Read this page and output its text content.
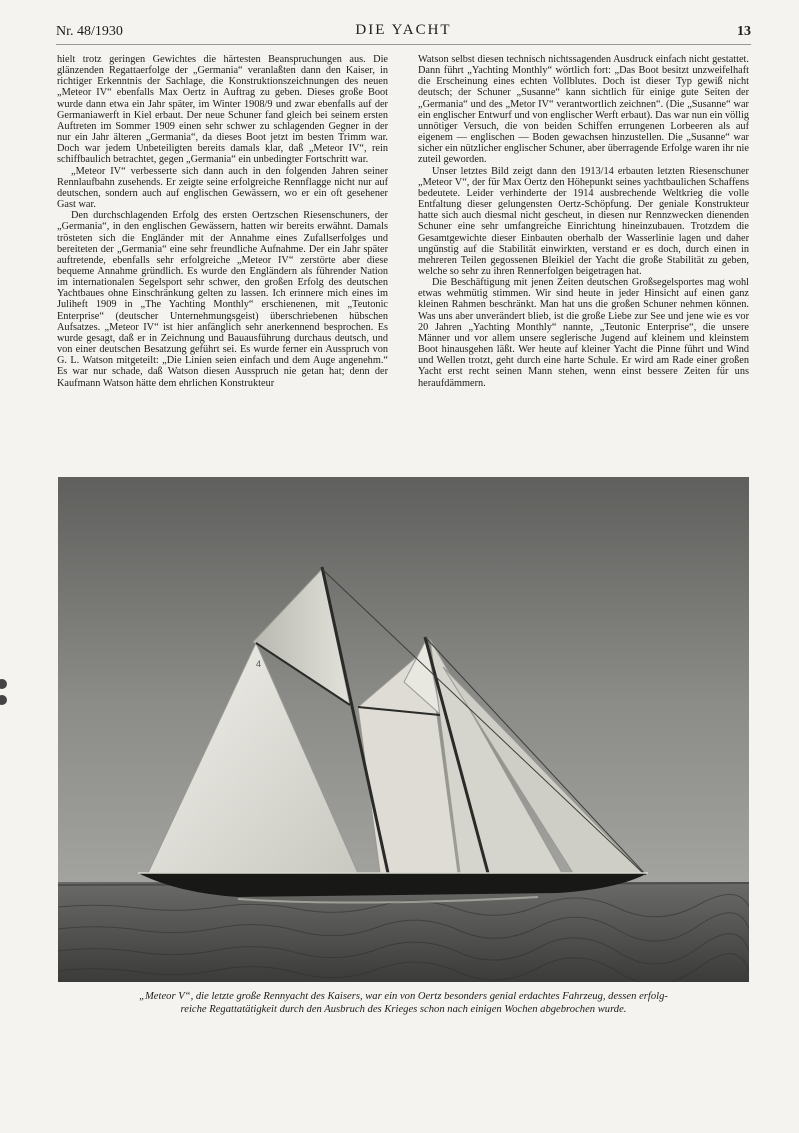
Nr. 48/1930	DIE YACHT	13

hielt trotz geringen Gewichtes die härtesten Beanspruchungen aus. Die glänzenden Regattaerfolge der „Germania“ veranlaßten dann den Kaiser, in richtiger Erkenntnis der Sachlage, die Konstruktionszeichnungen des neuen „Meteor IV“ ebenfalls Max Oertz in Auftrag zu geben. Dieses große Boot wurde dann etwa ein Jahr später, im Winter 1908/9 und zwar ebenfalls auf der Germaniawerft in Kiel erbaut. Der neue Schuner fand gleich bei seinem ersten Auftreten im Sommer 1909 einen sehr schwer zu schlagenden Gegner in der nur ein Jahr älteren „Germania“, da dieses Boot jetzt im besten Trimm war. Doch war jedem Unbeteiligten bereits damals klar, daß „Meteor IV“, rein schiffbaulich betrachtet, gegen „Germania“ ein unbedingter Fortschritt war.

„Meteor IV“ verbesserte sich dann auch in den folgenden Jahren seiner Rennlaufbahn zusehends. Er zeigte seine erfolgreiche Rennflagge nicht nur auf deutschen, sondern auch auf englischen Gewässern, wo er ein oft gesehener Gast war.

Den durchschlagenden Erfolg des ersten Oertzschen Riesenschuners, der „Germania“, in den englischen Gewässern, hatten wir bereits erwähnt. Damals trösteten sich die Engländer mit der Annahme eines Zufallserfolges und bereiteten der „Germania“ eine sehr freundliche Aufnahme. Der ein Jahr später auftretende, ebenfalls sehr erfolgreiche „Meteor IV“ zerstörte aber diese bequeme Annahme gründlich. Es wurde den Engländern als führender Nation im internationalen Segelsport sehr schwer, den großen Erfolg des deutschen Yachtbaues ohne Einschränkung gelten zu lassen. Ich erinnere mich eines im Juliheft 1909 in „The Yachting Monthly“ erschienenen, mit „Teutonic Enterprise“ (deutscher Unternehmungsgeist) überschriebenen hübschen Aufsatzes. „Meteor IV“ ist hier anfänglich sehr anerkennend besprochen. Es wurde gesagt, daß er in Zeichnung und Bauausführung durchaus deutsch, und von einer deutschen Besatzung geführt sei. Es wurde ferner ein Ausspruch von G. L. Watson mitgeteilt: „Die Linien seien einfach und dem Auge angenehm.“ Es war nur schade, daß Watson diesen Ausspruch nie getan hat; denn der Kaufmann Watson hätte dem ehrlichen Konstrukteur

Watson selbst diesen technisch nichtssagenden Ausdruck einfach nicht gestattet. Dann führt „Yachting Monthly“ wörtlich fort: „Das Boot besitzt unzweifelhaft die Erscheinung eines echten Vollblutes. Doch ist dieser Typ gewiß nicht deutsch; der Schuner „Susanne“ kann sichtlich für einige gute Seiten der „Germania“ und des „Metor IV“ verantwortlich zeichnen“. (Die „Susanne“ war ein englischer Entwurf und von englischer Werft erbaut). Das war nun ein völlig unnötiger Versuch, die von beiden Schiffen errungenen Lorbeeren als auf eigenem — englischen — Boden gewachsen hinzustellen. Die „Susanne“ war sicher ein nützlicher englischer Schuner, aber überragende Erfolge waren ihr nie zuteil geworden.

Unser letztes Bild zeigt dann den 1913/14 erbauten letzten Riesenschuner „Meteor V“, der für Max Oertz den Höhepunkt seines yachtbaulichen Schaffens bedeutete. Leider verhinderte der 1914 ausbrechende Weltkrieg die volle Entfaltung dieser gelungensten Oertz-Schöpfung. Der geniale Konstrukteur hatte sich auch diesmal nicht gescheut, in diesen nur Rennzwecken dienenden Schuner eine sehr umfangreiche Einrichtung hineinzubauen. Trotzdem die Gesamtgewichte dieser Einbauten oberhalb der Wasserlinie lagen und daher ungünstig auf die Stabilität einwirkten, verstand er es doch, durch einen in mehreren Teilen gegossenen Bleikiel der Yacht die große Stabilität zu geben, welche so sehr zu ihren Rennerfolgen beigetragen hat.

Die Beschäftigung mit jenen Zeiten deutschen Großsegelsportes mag wohl etwas wehmütig stimmen. Wir sind heute in jeder Hinsicht auf einen ganz kleinen Rahmen beschränkt. Man hat uns die großen Schuner nehmen können. Was uns aber unverändert blieb, ist die große Liebe zur See und jene wie es vor 20 Jahren „Yachting Monthly“ nannte, „Teutonic Enterprise“, die unsere Männer und vor allem unsere seglerische Jugend auf kleinem und kleinstem Boot hinausgehen läßt. Wer heute auf kleiner Yacht die Pinne führt und Wind und Wellen trotzt, geht durch eine harte Schule. Er wird am Rade einer großen Yacht erst recht seinen Mann stehen, wenn einst bessere Zeiten für uns heraufdämmern.

4
„Meteor V“, die letzte große Rennyacht des Kaisers, war ein von Oertz besonders genial erdachtes Fahrzeug, dessen erfolg-
reiche Regattatätigkeit durch den Ausbruch des Krieges schon nach einigen Wochen abgebrochen wurde.
